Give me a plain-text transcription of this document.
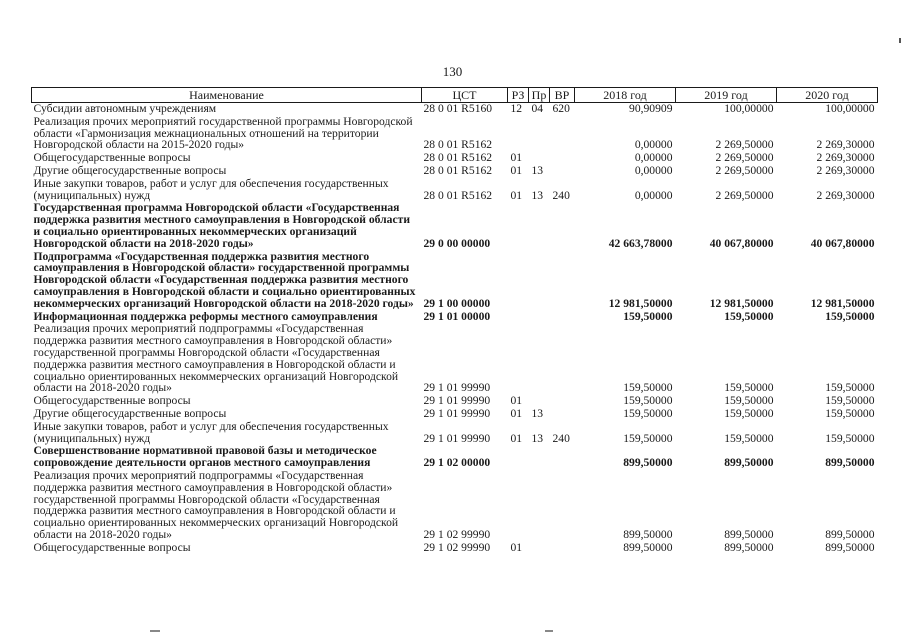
130
Наименование	ЦСТ	РЗ	Пр	ВР	2018 год	2019 год	2020 год
Субсидии автономным учреждениям	28 0 01 R5160	12	04	620	90,90909	100,00000	100,00000
Реализация прочих мероприятий государственной программы Новгородской области «Гармонизация межнациональных отношений на территории Новгородской области на 2015-2020 годы»	28 0 01 R5162				0,00000	2 269,50000	2 269,30000
Общегосударственные вопросы	28 0 01 R5162	01			0,00000	2 269,50000	2 269,30000
Другие общегосударственные вопросы	28 0 01 R5162	01	13		0,00000	2 269,50000	2 269,30000
Иные закупки товаров, работ и услуг для обеспечения государственных (муниципальных) нужд	28 0 01 R5162	01	13	240	0,00000	2 269,50000	2 269,30000
Государственная программа Новгородской области «Государственная поддержка развития местного самоуправления в Новгородской области и социально ориентированных некоммерческих организаций Новгородской области на 2018-2020 годы»	29 0 00 00000				42 663,78000	40 067,80000	40 067,80000
Подпрограмма «Государственная поддержка развития местного самоуправления в Новгородской области» государственной программы Новгородской области «Государственная поддержка развития местного самоуправления в Новгородской области и социально ориентированных некоммерческих организаций Новгородской области на 2018-2020 годы»	29 1 00 00000				12 981,50000	12 981,50000	12 981,50000
Информационная поддержка реформы местного самоуправления	29 1 01 00000				159,50000	159,50000	159,50000
Реализация прочих мероприятий подпрограммы «Государственная поддержка развития местного самоуправления в Новгородской области» государственной программы Новгородской области «Государственная поддержка развития местного самоуправления в Новгородской области и социально ориентированных некоммерческих организаций Новгородской области на 2018-2020 годы»	29 1 01 99990				159,50000	159,50000	159,50000
Общегосударственные вопросы	29 1 01 99990	01			159,50000	159,50000	159,50000
Другие общегосударственные вопросы	29 1 01 99990	01	13		159,50000	159,50000	159,50000
Иные закупки товаров, работ и услуг для обеспечения государственных (муниципальных) нужд	29 1 01 99990	01	13	240	159,50000	159,50000	159,50000
Совершенствование нормативной правовой базы и методическое сопровождение деятельности органов местного самоуправления	29 1 02 00000				899,50000	899,50000	899,50000
Реализация прочих мероприятий подпрограммы «Государственная поддержка развития местного самоуправления в Новгородской области» государственной программы Новгородской области «Государственная поддержка развития местного самоуправления в Новгородской области и социально ориентированных некоммерческих организаций Новгородской области на 2018-2020 годы»	29 1 02 99990				899,50000	899,50000	899,50000
Общегосударственные вопросы	29 1 02 99990	01			899,50000	899,50000	899,50000
